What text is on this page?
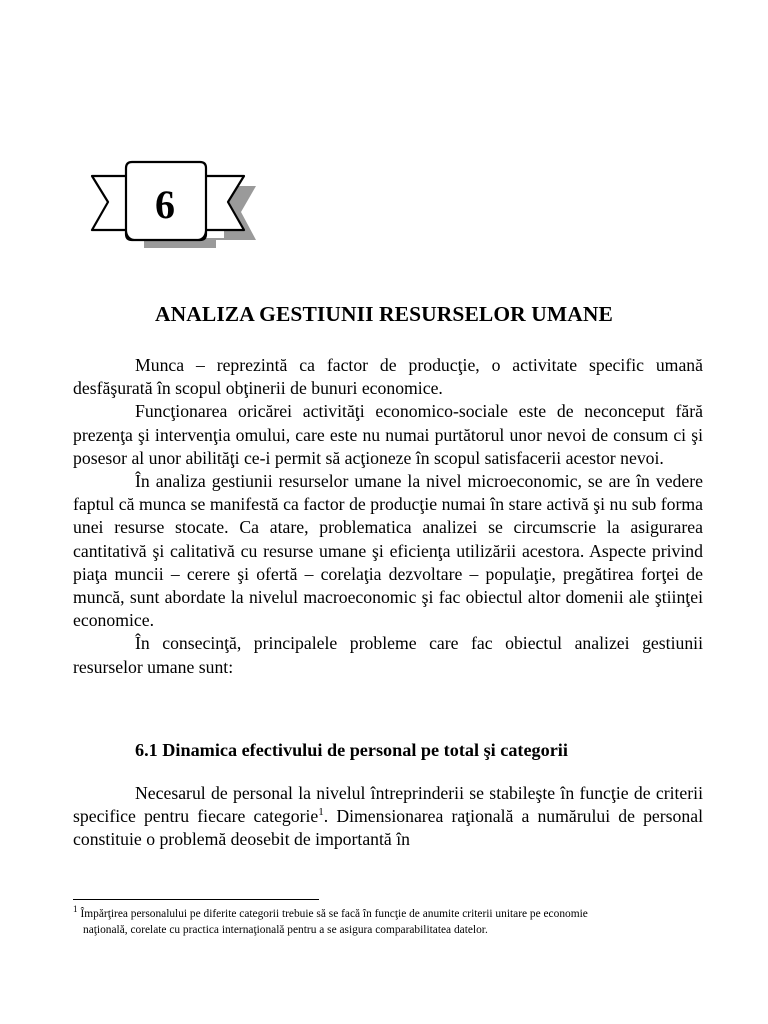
6
ANALIZA GESTIUNII RESURSELOR UMANE

Munca – reprezintă ca factor de producţie, o activitate specific umană desfăşurată în scopul obţinerii de bunuri economice.

Funcţionarea oricărei activităţi economico-sociale este de neconceput fără prezenţa şi intervenţia omului, care este nu numai purtătorul unor nevoi de consum ci şi posesor al unor abilităţi ce-i permit să acţioneze în scopul satisfacerii acestor nevoi.

În analiza gestiunii resurselor umane la nivel microeconomic, se are în vedere faptul că munca se manifestă ca factor de producţie numai în stare activă şi nu sub forma unei resurse stocate. Ca atare, problematica analizei se circumscrie la asigurarea cantitativă şi calitativă cu resurse umane şi eficienţa utilizării acestora. Aspecte privind piaţa muncii – cerere şi ofertă – corelaţia dezvoltare – populaţie, pregătirea forţei de muncă, sunt abordate la nivelul macroeconomic şi fac obiectul altor domenii ale ştiinţei economice.

În consecinţă, principalele probleme care fac obiectul analizei gestiunii resurselor umane sunt:

6.1 Dinamica efectivului de personal pe total şi categorii

Necesarul de personal la nivelul întreprinderii se stabileşte în funcţie de criterii specifice pentru fiecare categorie$^1$. Dimensionarea raţională a numărului de personal constituie o problemă deosebit de importantă în

$^1$ Împărţirea personalului pe diferite categorii trebuie să se facă în funcţie de anumite criterii unitare pe economie
naţională, corelate cu practica internaţională pentru a se asigura comparabilitatea datelor.
